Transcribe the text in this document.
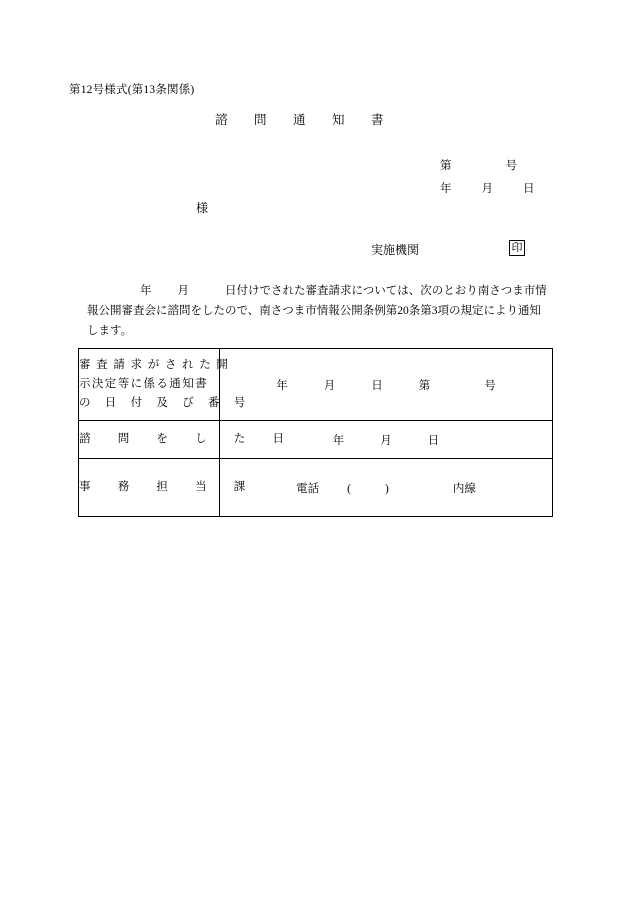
第12号様式(第13条関係)
諮　　問　　通　　知　　書
第	号
年	月	日
様
実施機関	印

年 月	日付けでされた審査請求については、次のとおり南さつま市情

報公開審査会に諮問をしたので、南さつま市情報公開条例第20条第3項の規定により通知

します。

審 査 請 求 が さ れ た 開
示決定等に係る通知書
の　日　付　及　び　番　号	年 月 日 第 号

諮　　問　　を　　し　　た　　日	年 月 日

事　　務　　担　　当　　課	電話 ( ) 内線
